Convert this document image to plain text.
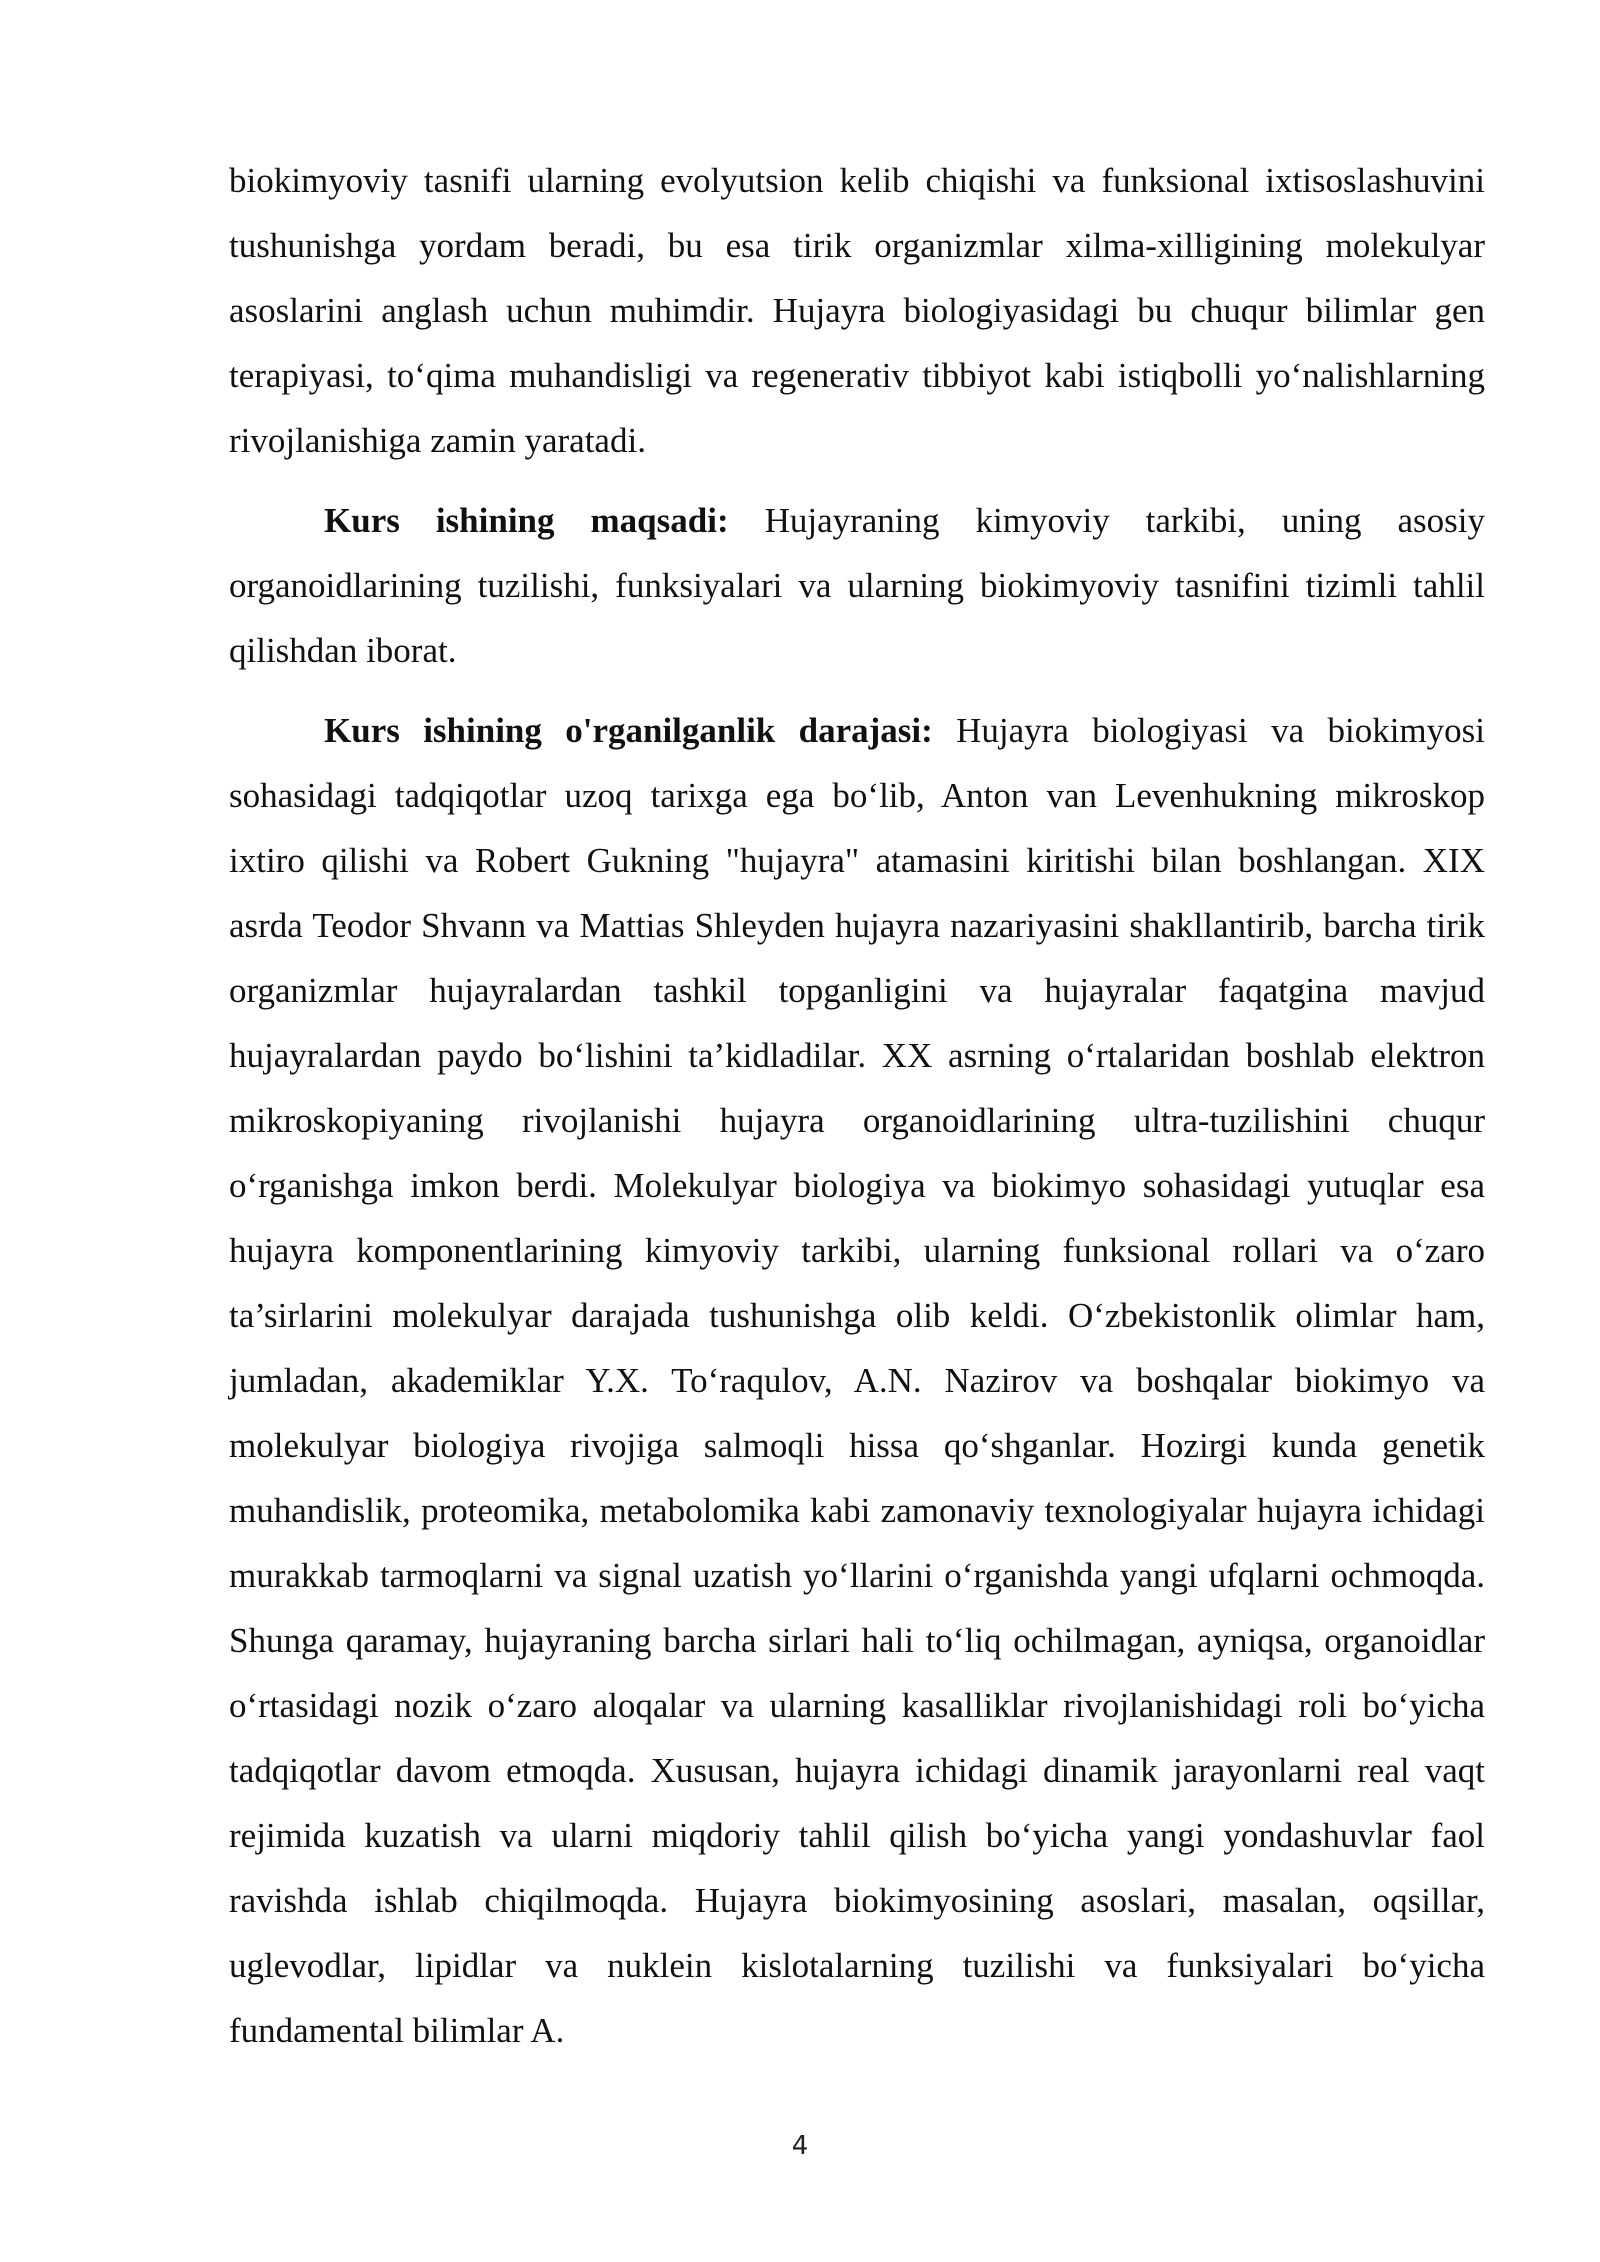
biokimyoviy tasnifi ularning evolyutsion kelib chiqishi va funksional ixtisoslashuvini tushunishga yordam beradi, bu esa tirik organizmlar xilma-xilligining molekulyar asoslarini anglash uchun muhimdir. Hujayra biologiyasidagi bu chuqur bilimlar gen terapiyasi, toʻqima muhandisligi va regenerativ tibbiyot kabi istiqbolli yoʻnalishlarning rivojlanishiga zamin yaratadi.

Kurs ishining maqsadi: Hujayraning kimyoviy tarkibi, uning asosiy organoidlarining tuzilishi, funksiyalari va ularning biokimyoviy tasnifini tizimli tahlil qilishdan iborat.

Kurs ishining o'rganilganlik darajasi: Hujayra biologiyasi va biokimyosi sohasidagi tadqiqotlar uzoq tarixga ega boʻlib, Anton van Levenhukning mikroskop ixtiro qilishi va Robert Gukning "hujayra" atamasini kiritishi bilan boshlangan. XIX asrda Teodor Shvann va Mattias Shleyden hujayra nazariyasini shakllantirib, barcha tirik organizmlar hujayralardan tashkil topganligini va hujayralar faqatgina mavjud hujayralardan paydo boʻlishini ta’kidladilar. XX asrning oʻrtalaridan boshlab elektron mikroskopiyaning rivojlanishi hujayra organoidlarining ultra-tuzilishini chuqur oʻrganishga imkon berdi. Molekulyar biologiya va biokimyo sohasidagi yutuqlar esa hujayra komponentlarining kimyoviy tarkibi, ularning funksional rollari va oʻzaro ta’sirlarini molekulyar darajada tushunishga olib keldi. Oʻzbekistonlik olimlar ham, jumladan, akademiklar Y.X. Toʻraqulov, A.N. Nazirov va boshqalar biokimyo va molekulyar biologiya rivojiga salmoqli hissa qoʻshganlar. Hozirgi kunda genetik muhandislik, proteomika, metabolomika kabi zamonaviy texnologiyalar hujayra ichidagi murakkab tarmoqlarni va signal uzatish yoʻllarini oʻrganishda yangi ufqlarni ochmoqda. Shunga qaramay, hujayraning barcha sirlari hali toʻliq ochilmagan, ayniqsa, organoidlar oʻrtasidagi nozik oʻzaro aloqalar va ularning kasalliklar rivojlanishidagi roli boʻyicha tadqiqotlar davom etmoqda. Xususan, hujayra ichidagi dinamik jarayonlarni real vaqt rejimida kuzatish va ularni miqdoriy tahlil qilish boʻyicha yangi yondashuvlar faol ravishda ishlab chiqilmoqda. Hujayra biokimyosining asoslari, masalan, oqsillar, uglevodlar, lipidlar va nuklein kislotalarning tuzilishi va funksiyalari boʻyicha fundamental bilimlar A.

4
